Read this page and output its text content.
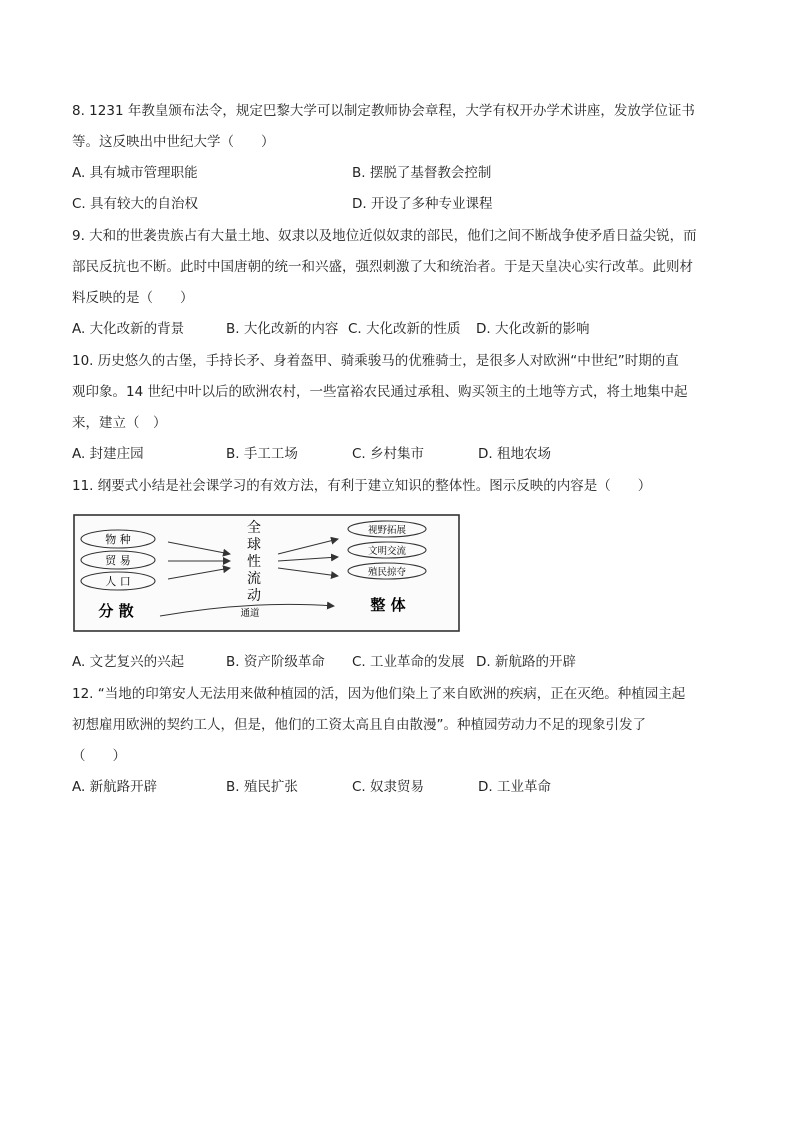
8. 1231 年教皇颁布法令，规定巴黎大学可以制定教师协会章程，大学有权开办学术讲座，发放学位证书
等。这反映出中世纪大学（　　）
A. 具有城市管理职能	B. 摆脱了基督教会控制
C. 具有较大的自治权	D. 开设了多种专业课程
9. 大和的世袭贵族占有大量土地、奴隶以及地位近似奴隶的部民，他们之间不断战争使矛盾日益尖锐，而
部民反抗也不断。此时中国唐朝的统一和兴盛，强烈刺激了大和统治者。于是天皇决心实行改革。此则材
料反映的是（　　）
A. 大化改新的背景	B. 大化改新的内容 C. 大化改新的性质 D. 大化改新的影响
10. 历史悠久的古堡，手持长矛、身着盔甲、骑乘骏马的优雅骑士，是很多人对欧洲“中世纪”时期的直
观印象。14 世纪中叶以后的欧洲农村，一些富裕农民通过承租、购买领主的土地等方式，将土地集中起
来，建立（　）
A. 封建庄园	B. 手工工场	C. 乡村集市	D. 租地农场
11. 纲要式小结是社会课学习的有效方法，有利于建立知识的整体性。图示反映的内容是（　　）
物 种
贸 易
人 口
全
球
性
流
动
视野拓展
文明交流
殖民掠夺
分 散	通道	整 体
A. 文艺复兴的兴起	B. 资产阶级革命 C. 工业革命的发展 D. 新航路的开辟
12. “当地的印第安人无法用来做种植园的活，因为他们染上了来自欧洲的疾病，正在灭绝。种植园主起
初想雇用欧洲的契约工人，但是，他们的工资太高且自由散漫”。种植园劳动力不足的现象引发了
（　　）
A. 新航路开辟	B. 殖民扩张	C. 奴隶贸易	D. 工业革命
